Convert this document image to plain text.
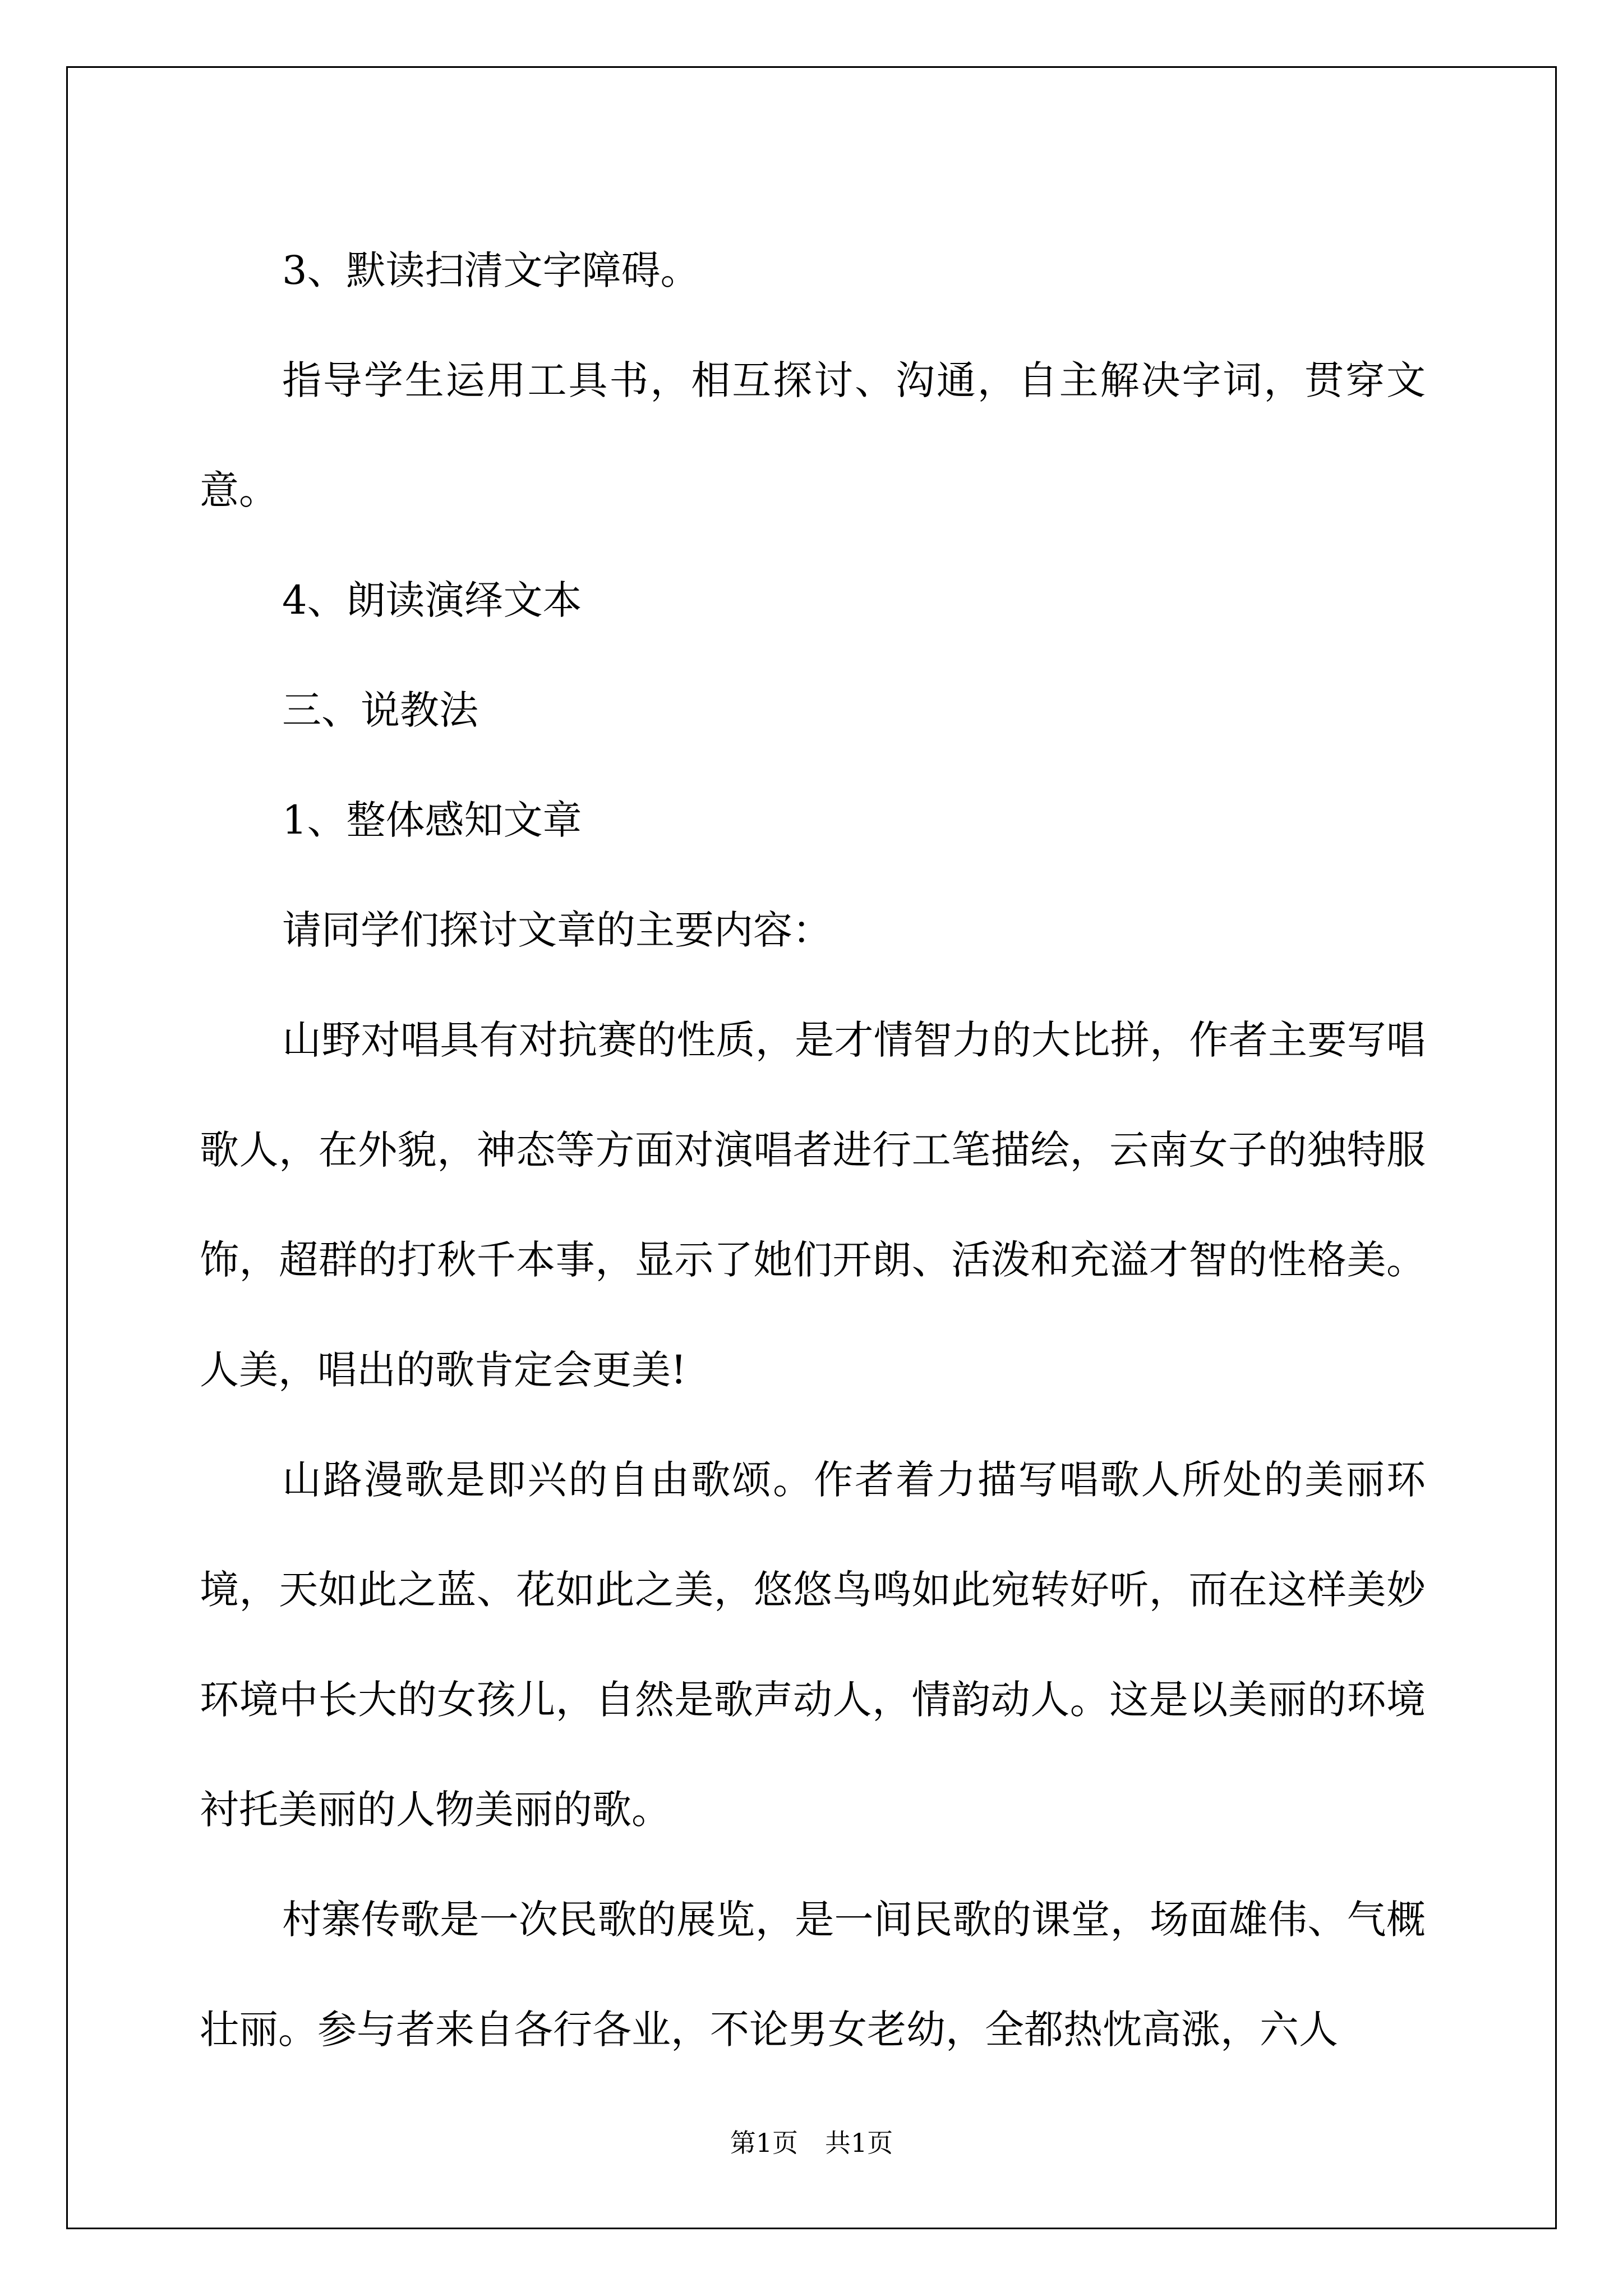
3、默读扫清文字障碍。

指导学生运用工具书，相互探讨、沟通，自主解决字词，贯穿文意。

4、朗读演绎文本

三、说教法

1、整体感知文章

请同学们探讨文章的主要内容：

山野对唱具有对抗赛的性质，是才情智力的大比拼，作者主要写唱歌人，在外貌，神态等方面对演唱者进行工笔描绘，云南女子的独特服饰，超群的打秋千本事，显示了她们开朗、活泼和充溢才智的性格美。人美，唱出的歌肯定会更美!

山路漫歌是即兴的自由歌颂。作者着力描写唱歌人所处的美丽环境，天如此之蓝、花如此之美，悠悠鸟鸣如此宛转好听，而在这样美妙环境中长大的女孩儿，自然是歌声动人，情韵动人。这是以美丽的环境衬托美丽的人物美丽的歌。

村寨传歌是一次民歌的展览，是一间民歌的课堂，场面雄伟、气概壮丽。参与者来自各行各业，不论男女老幼，全都热忱高涨，六人

第1页 共1页
